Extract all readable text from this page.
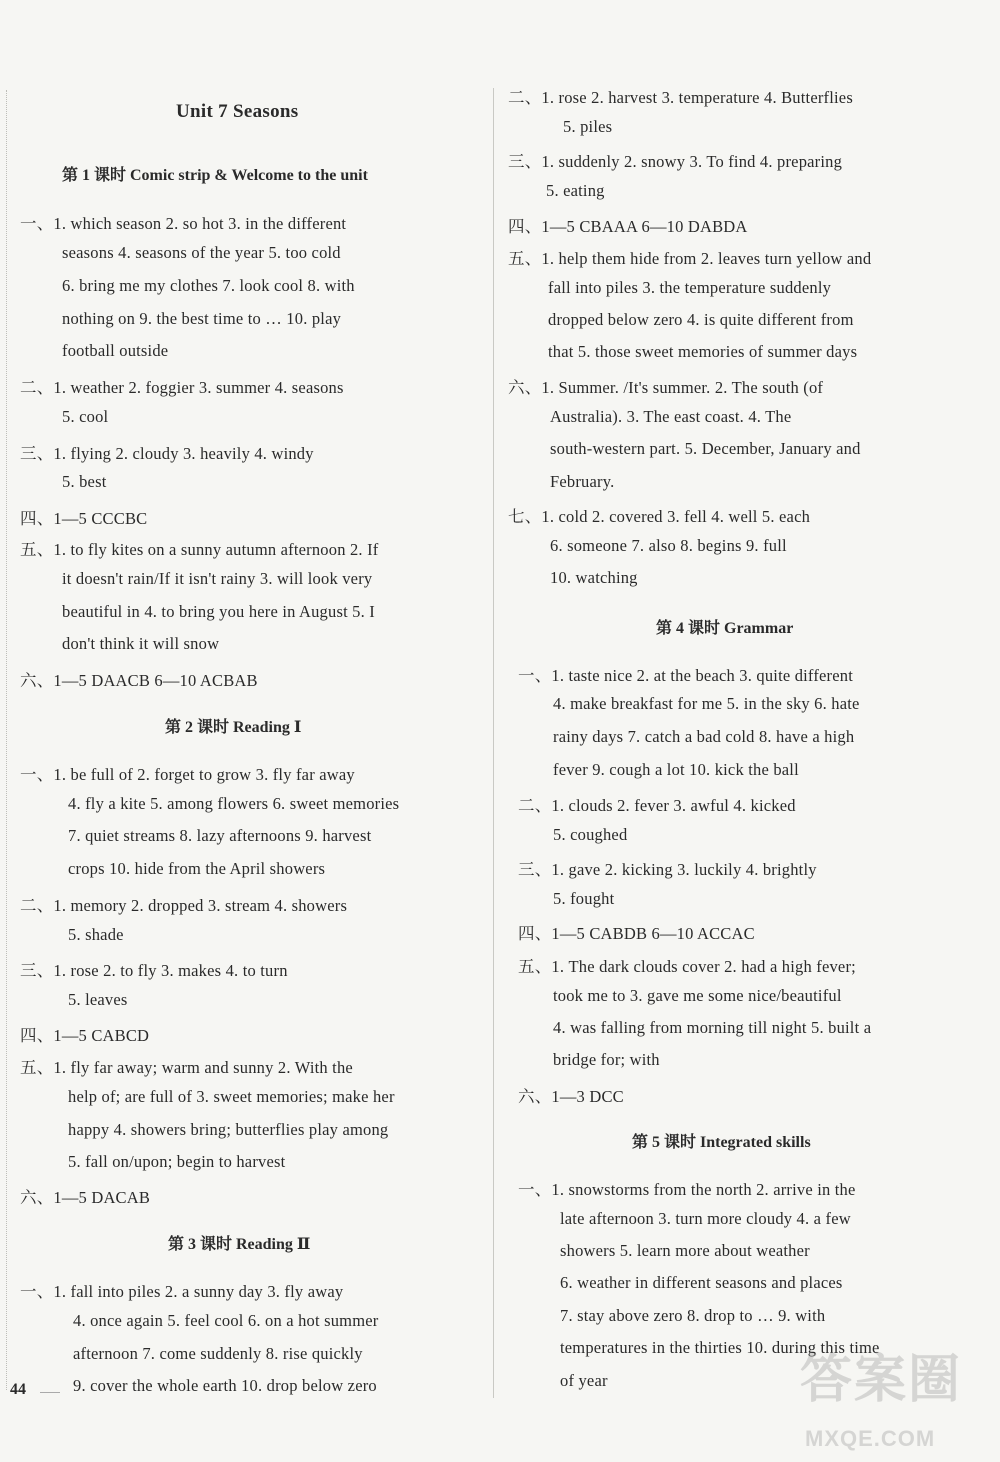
Unit 7 Seasons
第 1 课时 Comic strip & Welcome to the unit
一、1. which season 2. so hot 3. in the different
seasons 4. seasons of the year 5. too cold
6. bring me my clothes 7. look cool 8. with
nothing on 9. the best time to … 10. play
football outside
二、1. weather 2. foggier 3. summer 4. seasons
5. cool
三、1. flying 2. cloudy 3. heavily 4. windy
5. best
四、1—5 CCCBC
五、1. to fly kites on a sunny autumn afternoon 2. If
it doesn't rain/If it isn't rainy 3. will look very
beautiful in 4. to bring you here in August 5. I
don't think it will snow
六、1—5 DAACB 6—10 ACBAB
第 2 课时 Reading Ⅰ
一、1. be full of 2. forget to grow 3. fly far away
4. fly a kite 5. among flowers 6. sweet memories
7. quiet streams 8. lazy afternoons 9. harvest
crops 10. hide from the April showers
二、1. memory 2. dropped 3. stream 4. showers
5. shade
三、1. rose 2. to fly 3. makes 4. to turn
5. leaves
四、1—5 CABCD
五、1. fly far away; warm and sunny 2. With the
help of; are full of 3. sweet memories; make her
happy 4. showers bring; butterflies play among
5. fall on/upon; begin to harvest
六、1—5 DACAB
第 3 课时 Reading Ⅱ
一、1. fall into piles 2. a sunny day 3. fly away
4. once again 5. feel cool 6. on a hot summer
afternoon 7. come suddenly 8. rise quickly
9. cover the whole earth 10. drop below zero
二、1. rose 2. harvest 3. temperature 4. Butterflies
5. piles
三、1. suddenly 2. snowy 3. To find 4. preparing
5. eating
四、1—5 CBAAA 6—10 DABDA
五、1. help them hide from 2. leaves turn yellow and
fall into piles 3. the temperature suddenly
dropped below zero 4. is quite different from
that 5. those sweet memories of summer days
六、1. Summer. /It's summer. 2. The south (of
Australia). 3. The east coast. 4. The
south-western part. 5. December, January and
February.
七、1. cold 2. covered 3. fell 4. well 5. each
6. someone 7. also 8. begins 9. full
10. watching
第 4 课时 Grammar
一、1. taste nice 2. at the beach 3. quite different
4. make breakfast for me 5. in the sky 6. hate
rainy days 7. catch a bad cold 8. have a high
fever 9. cough a lot 10. kick the ball
二、1. clouds 2. fever 3. awful 4. kicked
5. coughed
三、1. gave 2. kicking 3. luckily 4. brightly
5. fought
四、1—5 CABDB 6—10 ACCAC
五、1. The dark clouds cover 2. had a high fever;
took me to 3. gave me some nice/beautiful
4. was falling from morning till night 5. built a
bridge for; with
六、1—3 DCC
第 5 课时 Integrated skills
一、1. snowstorms from the north 2. arrive in the
late afternoon 3. turn more cloudy 4. a few
showers 5. learn more about weather
6. weather in different seasons and places
7. stay above zero 8. drop to … 9. with
temperatures in the thirties 10. during this time
of year
44	答案圈
MXQE.COM
